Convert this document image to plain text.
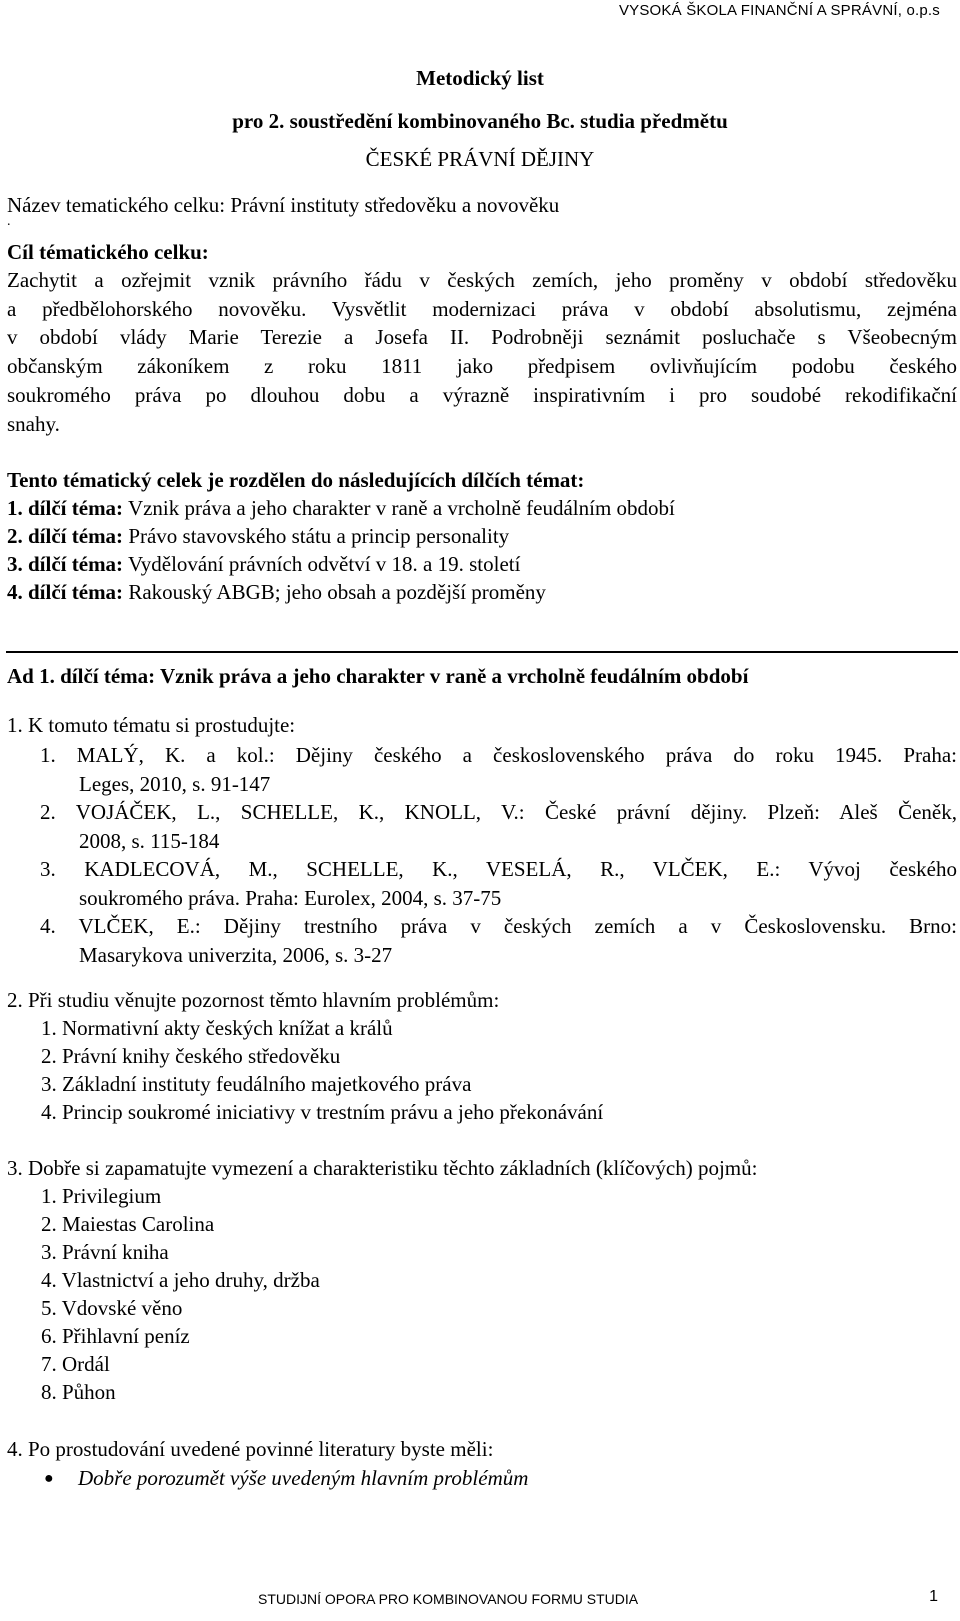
VYSOKÁ ŠKOLA FINANČNÍ A SPRÁVNÍ, o.p.s
Metodický list
pro 2. soustředění kombinovaného Bc. studia předmětu
ČESKÉ PRÁVNÍ DĚJINY
Název tematického celku: Právní instituty středověku a novověku
.
Cíl tématického celku:
Zachytit a ozřejmit vznik právního řádu v českých zemích, jeho proměny v období středověku
a předbělohorského novověku. Vysvětlit modernizaci práva v období absolutismu, zejména
v období vlády Marie Terezie a Josefa II. Podrobněji seznámit posluchače s Všeobecným
občanským zákoníkem z roku 1811 jako předpisem ovlivňujícím podobu českého
soukromého práva po dlouhou dobu a výrazně inspirativním i pro soudobé rekodifikační
snahy.
Tento tématický celek je rozdělen do následujících dílčích témat:
1. dílčí téma: Vznik práva a jeho charakter v raně a vrcholně feudálním období
2. dílčí téma: Právo stavovského státu a princip personality
3. dílčí téma: Vydělování právních odvětví v 18. a 19. století
4. dílčí téma: Rakouský ABGB; jeho obsah a pozdější proměny
Ad 1. dílčí téma: Vznik práva a jeho charakter v raně a vrcholně feudálním období
1. K tomuto tématu si prostudujte:
1. MALÝ, K. a kol.: Dějiny českého a československého práva do roku 1945. Praha:
Leges, 2010, s. 91-147
2. VOJÁČEK, L., SCHELLE, K., KNOLL, V.: České právní dějiny. Plzeň: Aleš Čeněk,
2008, s. 115-184
3. KADLECOVÁ, M., SCHELLE, K., VESELÁ, R., VLČEK, E.: Vývoj českého
soukromého práva. Praha: Eurolex, 2004, s. 37-75
4. VLČEK, E.: Dějiny trestního práva v českých zemích a v Československu. Brno:
Masarykova univerzita, 2006, s. 3-27
2. Při studiu věnujte pozornost těmto hlavním problémům:
1. Normativní akty českých knížat a králů
2. Právní knihy českého středověku
3. Základní instituty feudálního majetkového práva
4. Princip soukromé iniciativy v trestním právu a jeho překonávání
3. Dobře si zapamatujte vymezení a charakteristiku těchto základních (klíčových) pojmů:
1. Privilegium
2. Maiestas Carolina
3. Právní kniha
4. Vlastnictví a jeho druhy, držba
5. Vdovské věno
6. Přihlavní peníz
7. Ordál
8. Půhon
4. Po prostudování uvedené povinné literatury byste měli:
● Dobře porozumět výše uvedeným hlavním problémům
STUDIJNÍ OPORA PRO KOMBINOVANOU FORMU STUDIA	1
